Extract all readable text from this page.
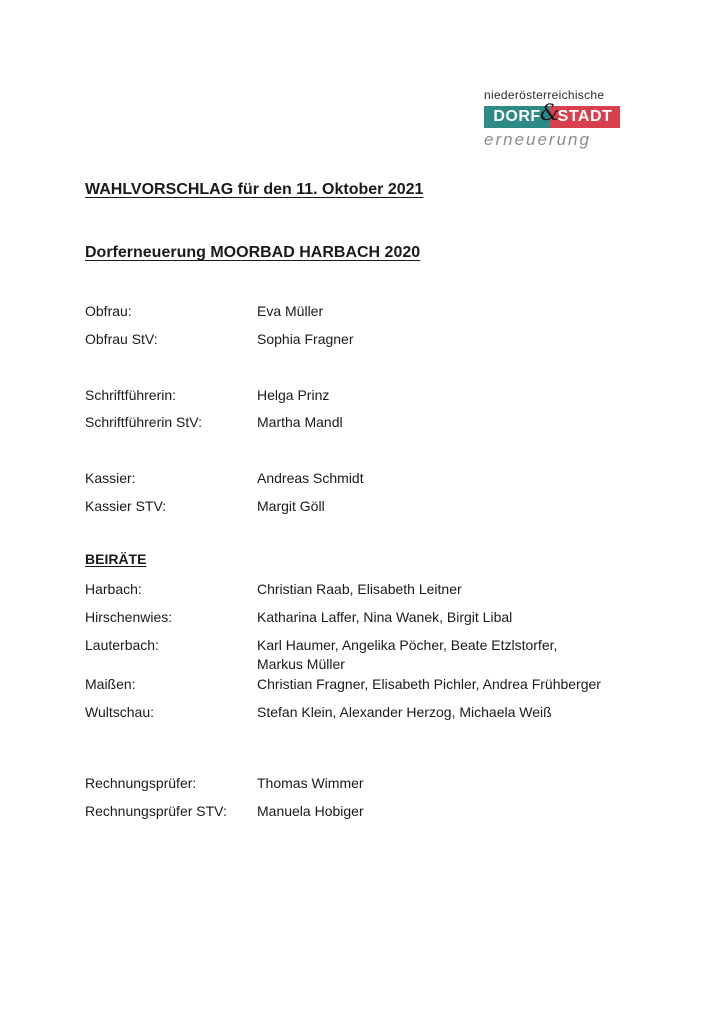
niederösterreichische
DORF	STADT
&
erneuerung
WAHLVORSCHLAG für den 11. Oktober 2021
Dorferneuerung MOORBAD HARBACH 2020
Obfrau:	Eva Müller
Obfrau StV:	Sophia Fragner
Schriftführerin:	Helga Prinz
Schriftführerin StV:	Martha Mandl
Kassier:	Andreas Schmidt
Kassier STV:	Margit Göll
BEIRÄTE
Harbach:	Christian Raab, Elisabeth Leitner
Hirschenwies:	Katharina Laffer, Nina Wanek, Birgit Libal
Lauterbach:	Karl Haumer, Angelika Pöcher, Beate Etzlstorfer,
Markus Müller
Maißen:	Christian Fragner, Elisabeth Pichler, Andrea Frühberger
Wultschau:	Stefan Klein, Alexander Herzog, Michaela Weiß
Rechnungsprüfer:	Thomas Wimmer
Rechnungsprüfer STV: Manuela Hobiger
